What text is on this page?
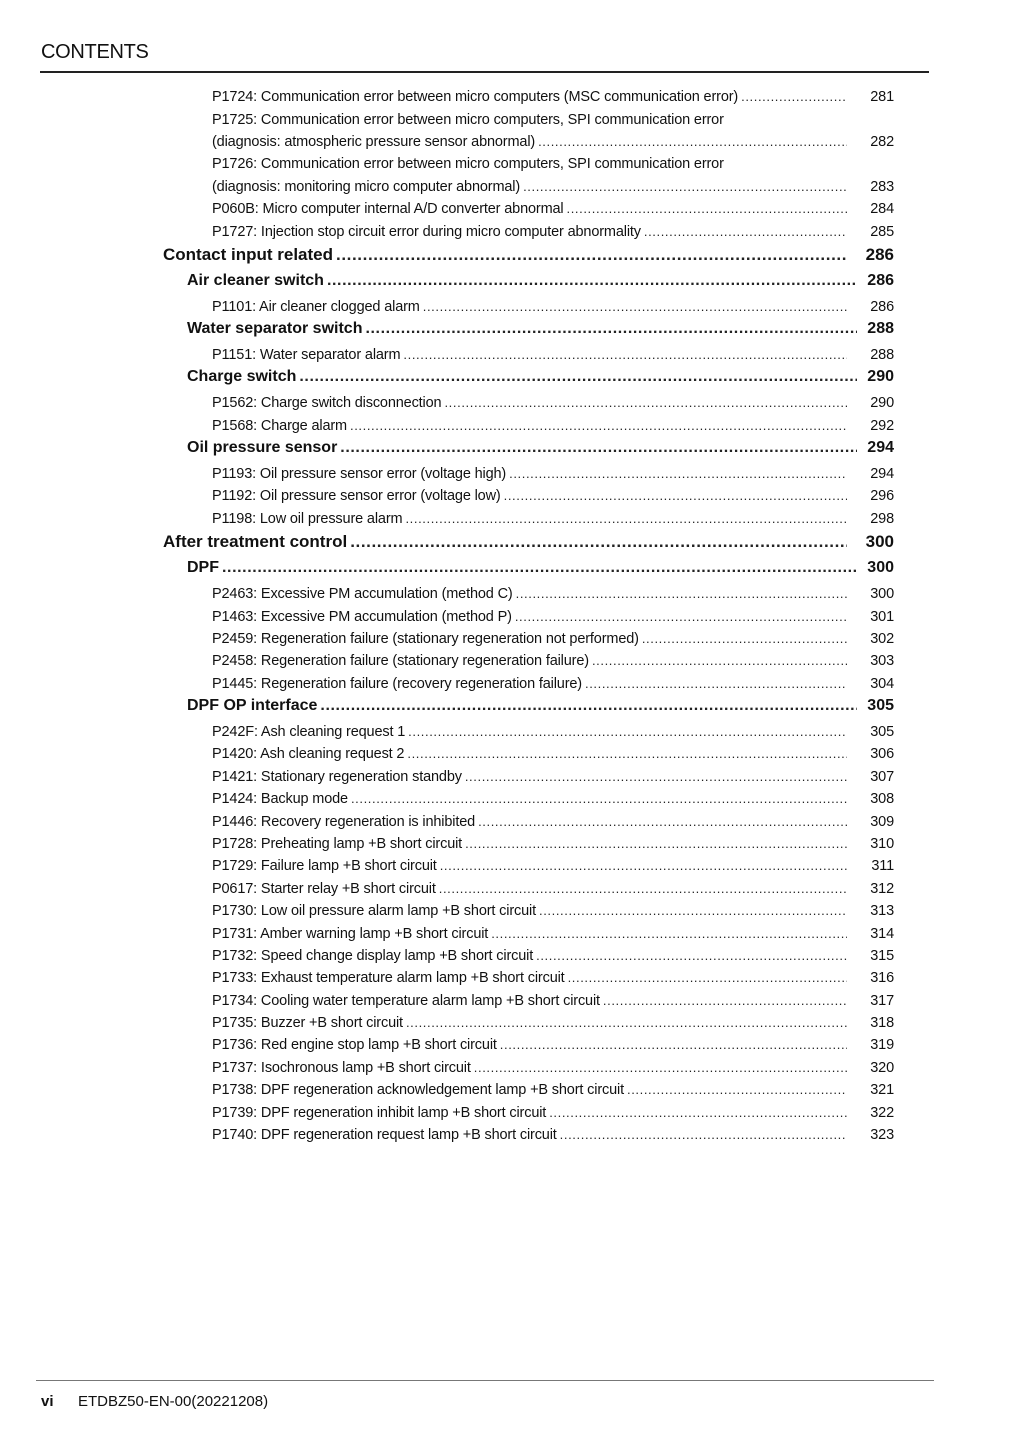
CONTENTS
P1724: Communication error between micro computers (MSC communication error) .....	281
P1725: Communication error between micro computers, SPI communication error
(diagnosis: atmospheric pressure sensor abnormal) .....	282
P1726: Communication error between micro computers, SPI communication error
(diagnosis: monitoring micro computer abnormal) .....	283
P060B: Micro computer internal A/D converter abnormal .....	284
P1727: Injection stop circuit error during micro computer abnormality .....	285
Contact input related .....	286
Air cleaner switch .....	286
P1101: Air cleaner clogged alarm .....	286
Water separator switch .....	288
P1151: Water separator alarm .....	288
Charge switch .....	290
P1562: Charge switch disconnection .....	290
P1568: Charge alarm .....	292
Oil pressure sensor .....	294
P1193: Oil pressure sensor error (voltage high) .....	294
P1192: Oil pressure sensor error (voltage low) .....	296
P1198: Low oil pressure alarm .....	298
After treatment control .....	300
DPF .....	300
P2463: Excessive PM accumulation (method C) .....	300
P1463: Excessive PM accumulation (method P) .....	301
P2459: Regeneration failure (stationary regeneration not performed) .....	302
P2458: Regeneration failure (stationary regeneration failure) .....	303
P1445: Regeneration failure (recovery regeneration failure) .....	304
DPF OP interface .....	305
P242F: Ash cleaning request 1 .....	305
P1420: Ash cleaning request 2 .....	306
P1421: Stationary regeneration standby .....	307
P1424: Backup mode .....	308
P1446: Recovery regeneration is inhibited .....	309
P1728: Preheating lamp +B short circuit .....	310
P1729: Failure lamp +B short circuit .....	311
P0617: Starter relay +B short circuit .....	312
P1730: Low oil pressure alarm lamp +B short circuit .....	313
P1731: Amber warning lamp +B short circuit .....	314
P1732: Speed change display lamp +B short circuit .....	315
P1733: Exhaust temperature alarm lamp +B short circuit .....	316
P1734: Cooling water temperature alarm lamp +B short circuit .....	317
P1735: Buzzer +B short circuit .....	318
P1736: Red engine stop lamp +B short circuit .....	319
P1737: Isochronous lamp +B short circuit .....	320
P1738: DPF regeneration acknowledgement lamp +B short circuit .....	321
P1739: DPF regeneration inhibit lamp +B short circuit .....	322
P1740: DPF regeneration request lamp +B short circuit .....	323
vi ETDBZ50-EN-00(20221208)
